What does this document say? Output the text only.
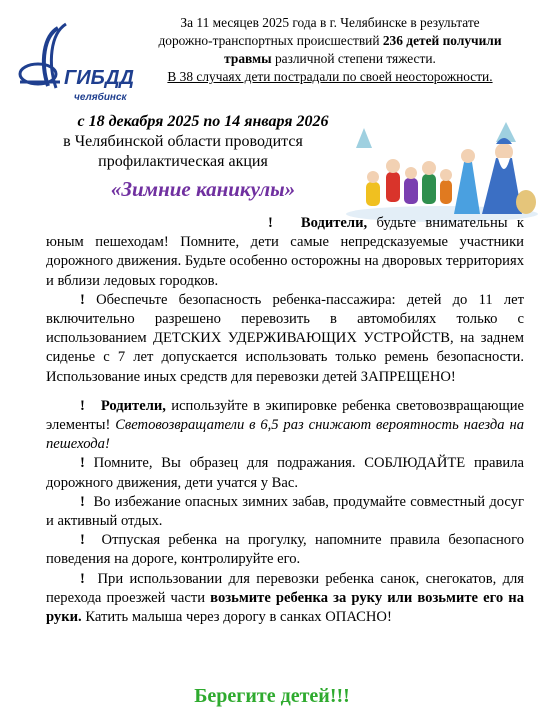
ГИБДД
челябинск
За 11 месяцев 2025 года в г. Челябинске в результате
дорожно-транспортных происшествий 236 детей получили
травмы различной степени тяжести.
В 38 случаях дети пострадали по своей неосторожности.
с 18 декабря 2025 по 14 января 2026
в Челябинской области проводится
профилактическая акция
«Зимние каникулы»

! Водители, будьте внимательны к юным пешеходам! Помните, дети самые непредсказуемые участники дорожного движения. Будьте особенно осторожны на дворовых территориях и вблизи ледовых городков.

! Обеспечьте безопасность ребенка-пассажира: детей до 11 лет включительно разрешено перевозить в автомобилях только с использованием ДЕТСКИХ УДЕРЖИВАЮЩИХ УСТРОЙСТВ, на заднем сиденье с 7 лет допускается использовать только ремень безопасности. Использование иных средств для перевозки детей ЗАПРЕЩЕНО!

! Родители, используйте в экипировке ребенка световозвращающие элементы! Световозвращатели в 6,5 раз снижают вероятность наезда на пешехода!

! Помните, Вы образец для подражания. СОБЛЮДАЙТЕ правила дорожного движения, дети учатся у Вас.

! Во избежание опасных зимних забав, продумайте совместный досуг и активный отдых.

! Отпуская ребенка на прогулку, напомните правила безопасного поведения на дороге, контролируйте его.

! При использовании для перевозки ребенка санок, снегокатов, для перехода проезжей части возьмите ребенка за руку или возьмите его на руки. Катить малыша через дорогу в санках ОПАСНО!

Берегите детей!!!
